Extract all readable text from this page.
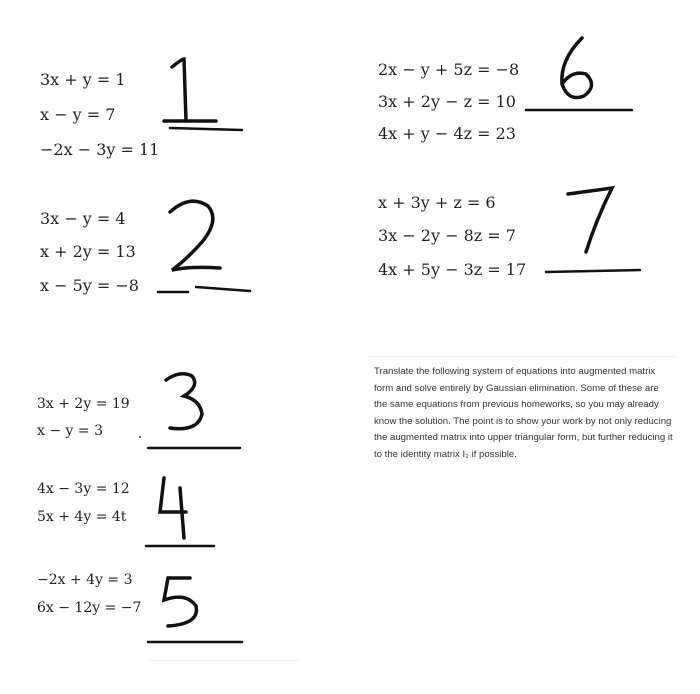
3x + y = 1
x − y = 7
−2x − 3y = 11
3x − y = 4
x + 2y = 13
x − 5y = −8
3x + 2y = 19
x − y = 3
4x − 3y = 12
5x + 4y = 4t
−2x + 4y = 3
6x − 12y = −7
2x − y + 5z = −8
3x + 2y − z = 10
4x + y − 4z = 23
x + 3y + z = 6
3x − 2y − 8z = 7
4x + 5y − 3z = 17
Translate the following system of equations into augmented matrix form and solve entirely by Gaussian elimination. Some of these are the same equations from previous homeworks, so you may already know the solution. The point is to show your work by not only reducing the augmented matrix into upper triangular form, but further reducing it to the identity matrix I₂ if possible.
